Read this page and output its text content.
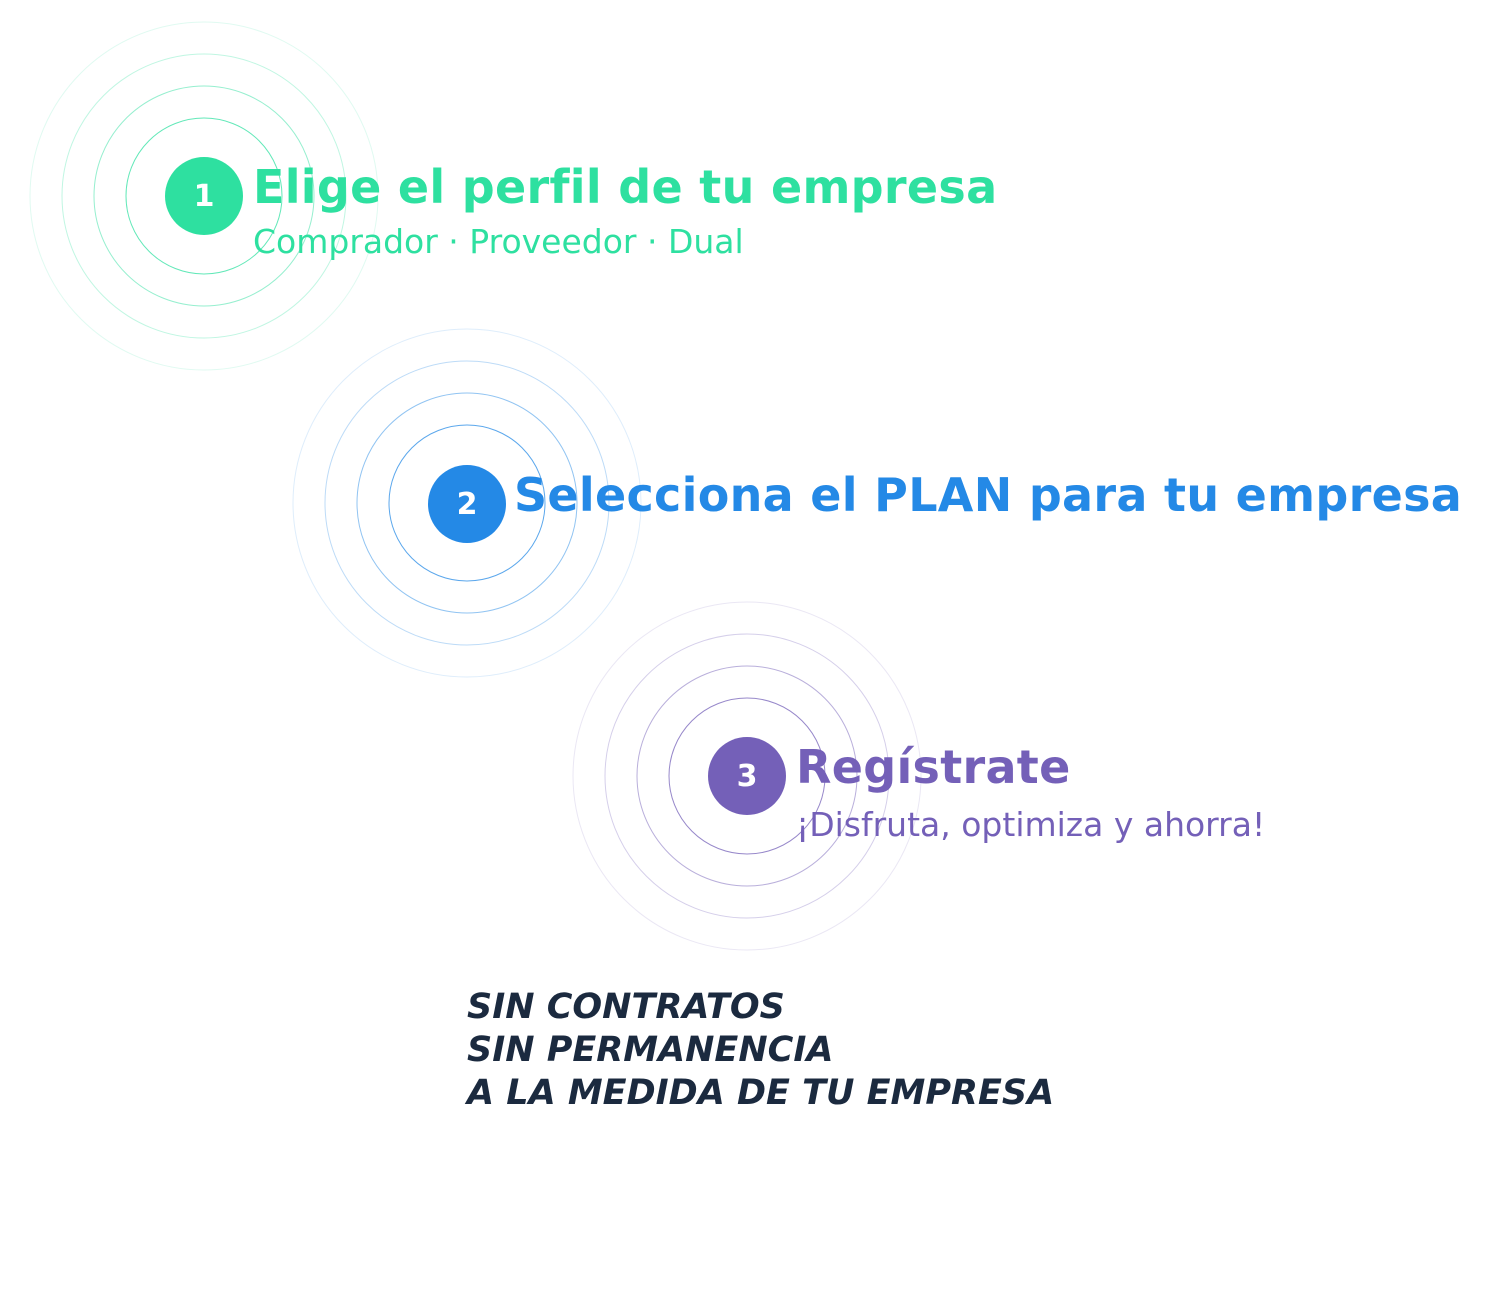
1 Elige el perfil de tu empresa
Comprador · Proveedor · Dual
2 Selecciona el PLAN para tu empresa
3 Regístrate
¡Disfruta, optimiza y ahorra!
SIN CONTRATOS
SIN PERMANENCIA
A LA MEDIDA DE TU EMPRESA
